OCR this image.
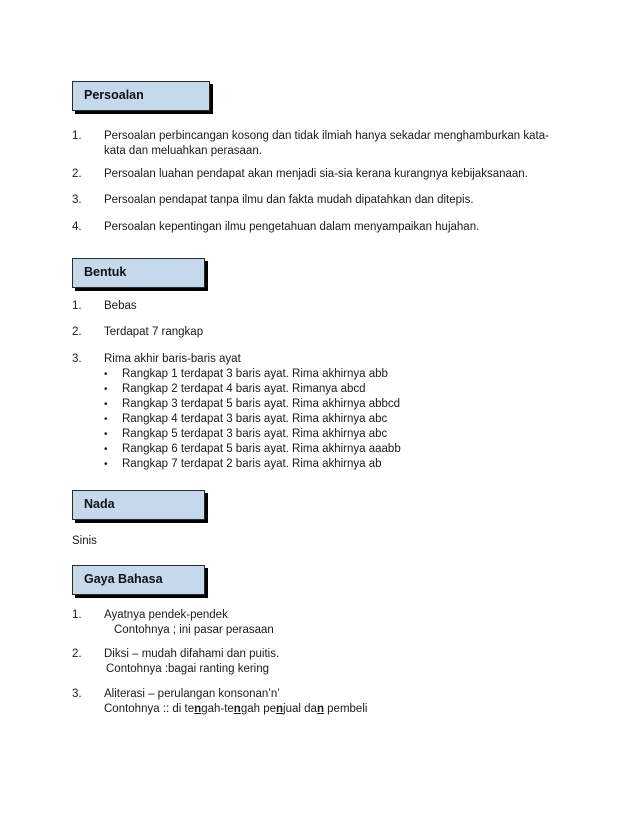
Persoalan
1. Persoalan perbincangan kosong dan tidak ilmiah hanya sekadar menghamburkan kata-
kata dan meluahkan perasaan.
2. Persoalan luahan pendapat akan menjadi sia-sia kerana kurangnya kebijaksanaan.
3. Persoalan pendapat tanpa ilmu dan fakta mudah dipatahkan dan ditepis.
4. Persoalan kepentingan ilmu pengetahuan dalam menyampaikan hujahan.
Bentuk
1. Bebas
2. Terdapat 7 rangkap
3. Rima akhir baris-baris ayat
• Rangkap 1 terdapat 3 baris ayat. Rima akhirnya abb
• Rangkap 2 terdapat 4 baris ayat. Rimanya abcd
• Rangkap 3 terdapat 5 baris ayat. Rima akhirnya abbcd
• Rangkap 4 terdapat 3 baris ayat. Rima akhirnya abc
• Rangkap 5 terdapat 3 baris ayat. Rima akhirnya abc
• Rangkap 6 terdapat 5 baris ayat. Rima akhirnya aaabb
• Rangkap 7 terdapat 2 baris ayat. Rima akhirnya ab
Nada
Sinis
Gaya Bahasa
1. Ayatnya pendek-pendek
Contohnya ; ini pasar perasaan
2. Diksi – mudah difahami dan puitis.
Contohnya :bagai ranting kering
3. Aliterasi – perulangan konsonan’n’
Contohnya :: di tengah-tengah penjual dan pembeli
